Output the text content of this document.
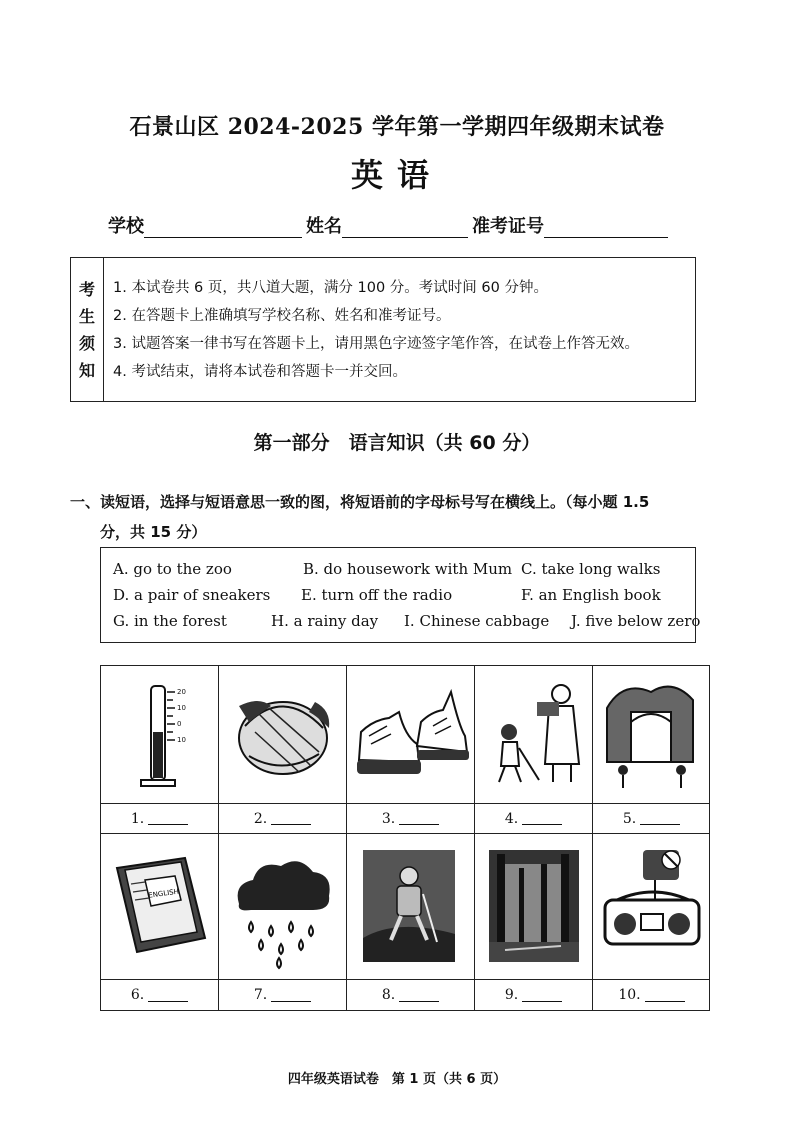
石景山区 2024-2025 学年第一学期四年级期末试卷
英语
学校	姓名	准考证号
考
生
须
知
1. 本试卷共 6 页，共八道大题，满分 100 分。考试时间 60 分钟。
2. 在答题卡上准确填写学校名称、姓名和准考证号。
3. 试题答案一律书写在答题卡上，请用黑色字迹签字笔作答，在试卷上作答无效。
4. 考试结束，请将本试卷和答题卡一并交回。
第一部分　语言知识（共 60 分）
一、读短语，选择与短语意思一致的图，将短语前的字母标号写在横线上。（每小题 1.5
分，共 15 分）
A. go to the zoo	B. do housework with Mum C. take long walks
D. a pair of sneakers E. turn off the radio	F. an English book
G. in the forest	H. a rainy day I. Chinese cabbage J. five below zero
20
10
0
10
1.	2.	3.	4.	5.
ENGLISH
6.	7.	8.	9.	10.
四年级英语试卷　第 1 页（共 6 页）
